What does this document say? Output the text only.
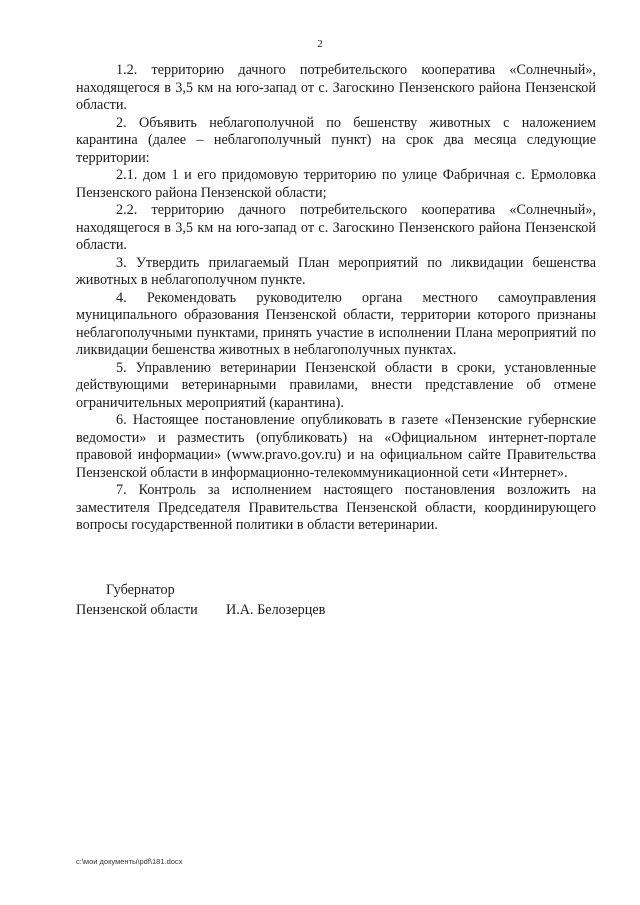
2

1.2. территорию дачного потребительского кооператива «Солнечный», находящегося в 3,5 км на юго-запад от с. Загоскино Пензенского района Пензенской области.

2. Объявить неблагополучной по бешенству животных с наложением карантина (далее – неблагополучный пункт) на срок два месяца следующие территории:

2.1. дом 1 и его придомовую территорию по улице Фабричная с. Ермоловка Пензенского района Пензенской области;

2.2. территорию дачного потребительского кооператива «Солнечный», находящегося в 3,5 км на юго-запад от с. Загоскино Пензенского района Пензенской области.

3. Утвердить прилагаемый План мероприятий по ликвидации бешенства животных в неблагополучном пункте.

4. Рекомендовать руководителю органа местного самоуправления муниципального образования Пензенской области, территории которого признаны неблагополучными пунктами, принять участие в исполнении Плана мероприятий по ликвидации бешенства животных в неблагополучных пунктах.

5. Управлению ветеринарии Пензенской области в сроки, установленные действующими ветеринарными правилами, внести представление об отмене ограничительных мероприятий (карантина).

6. Настоящее постановление опубликовать в газете «Пензенские губернские ведомости» и разместить (опубликовать) на «Официальном интернет-портале правовой информации» (www.pravo.gov.ru) и на официальном сайте Правительства Пензенской области в информационно-телекоммуникационной сети «Интернет».

7. Контроль за исполнением настоящего постановления возложить на заместителя Председателя Правительства Пензенской области, координирующего вопросы государственной политики в области ветеринарии.

Губернатор
Пензенской области И.А. Белозерцев
c:\мои документы\pdf\181.docx
